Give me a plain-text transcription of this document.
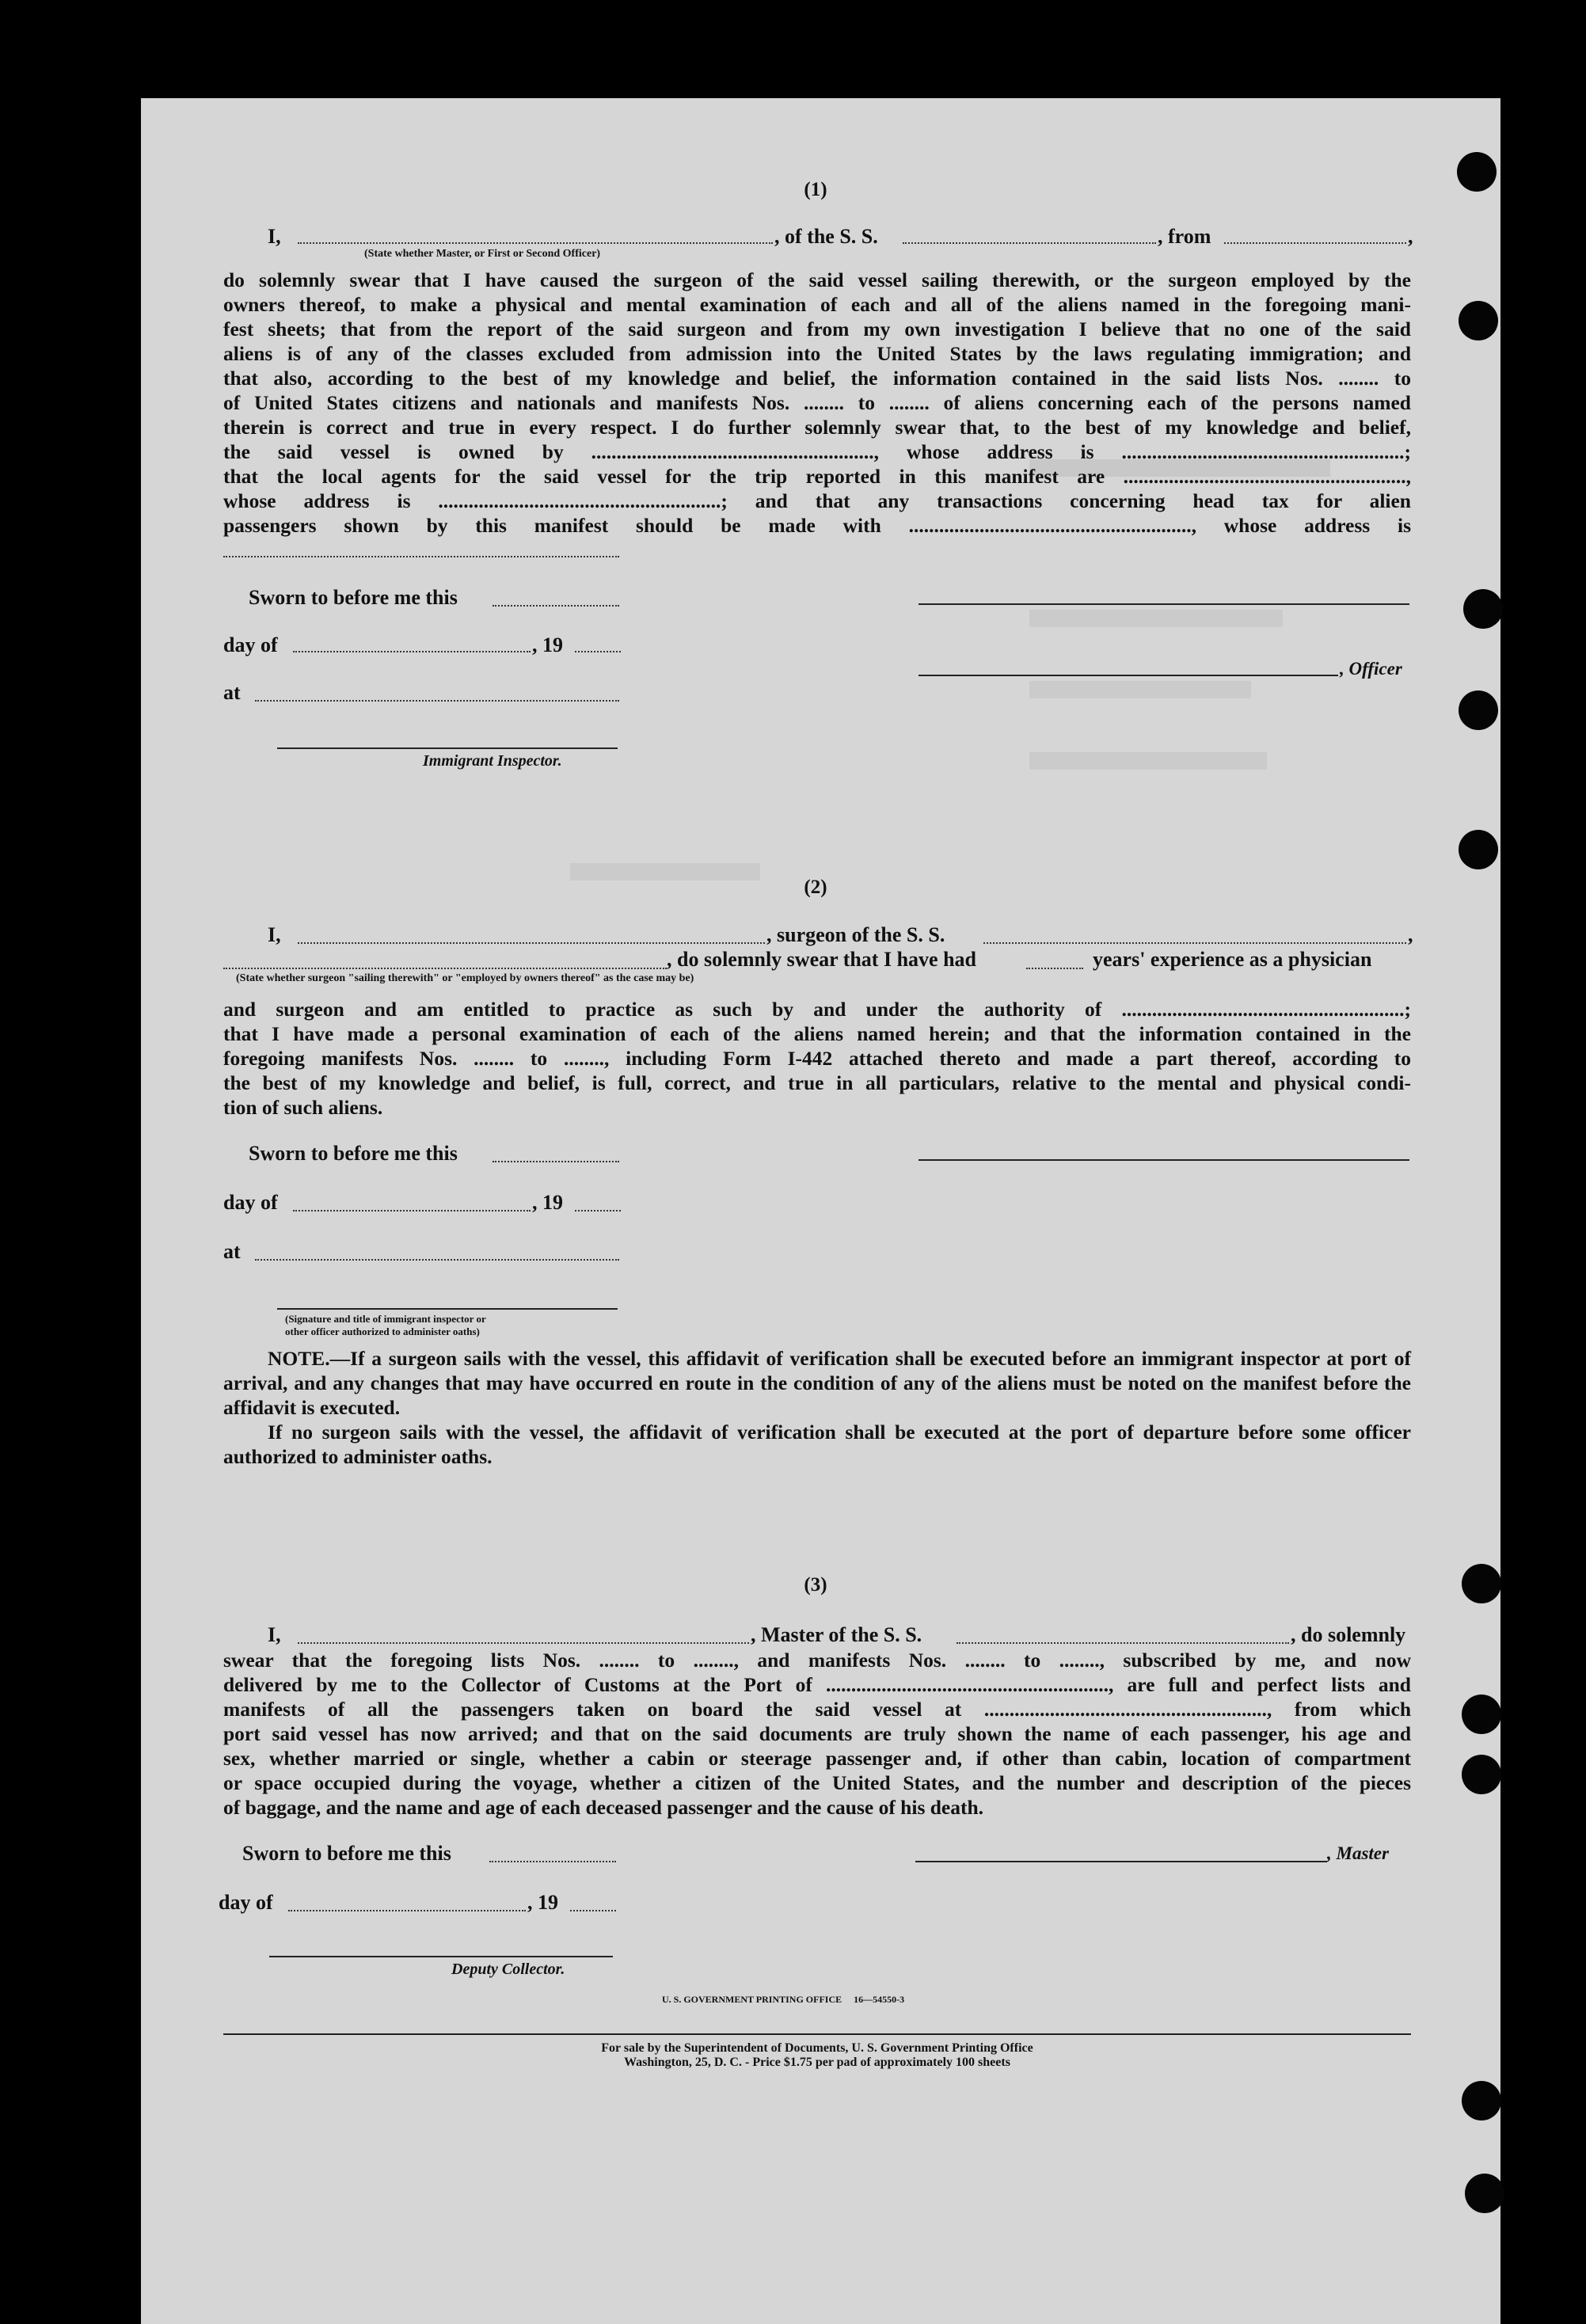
(1)
I,	, of the S. S.	, from	,
(State whether Master, or First or Second Officer)
do solemnly swear that I have caused the surgeon of the said vessel sailing therewith, or the surgeon employed by the
owners thereof, to make a physical and mental examination of each and all of the aliens named in the foregoing mani-
fest sheets; that from the report of the said surgeon and from my own investigation I believe that no one of the said
aliens is of any of the classes excluded from admission into the United States by the laws regulating immigration; and
that also, according to the best of my knowledge and belief, the information contained in the said lists Nos. ........ to
of United States citizens and nationals and manifests Nos. ........ to ........ of aliens concerning each of the persons named
therein is correct and true in every respect. I do further solemnly swear that, to the best of my knowledge and belief,
the said vessel is owned by ........................................................, whose address is ........................................................;
that the local agents for the said vessel for the trip reported in this manifest are ........................................................,
whose address is ........................................................; and that any transactions concerning head tax for alien
passengers shown by this manifest should be made with ........................................................, whose address is
Sworn to before me this
day of	, 19
, Officer
at
Immigrant Inspector.
(2)
I,	, surgeon of the S. S.	,
, do solemnly swear that I have had	years' experience as a physician
(State whether surgeon "sailing therewith" or "employed by owners thereof" as the case may be)
and surgeon and am entitled to practice as such by and under the authority of ........................................................;
that I have made a personal examination of each of the aliens named herein; and that the information contained in the
foregoing manifests Nos. ........ to ........, including Form I-442 attached thereto and made a part thereof, according to
the best of my knowledge and belief, is full, correct, and true in all particulars, relative to the mental and physical condi-
tion of such aliens.
Sworn to before me this
day of	, 19
at
(Signature and title of immigrant inspector or
other officer authorized to administer oaths)
NOTE.—If a surgeon sails with the vessel, this affidavit of verification shall be executed before an immigrant inspector at port of arrival, and any changes that may have occurred en route in the condition of any of the aliens must be noted on the manifest before the affidavit is executed.
If no surgeon sails with the vessel, the affidavit of verification shall be executed at the port of departure before some officer authorized to administer oaths.
(3)
I,	, Master of the S. S.	, do solemnly
swear that the foregoing lists Nos. ........ to ........, and manifests Nos. ........ to ........, subscribed by me, and now
delivered by me to the Collector of Customs at the Port of ........................................................, are full and perfect lists and
manifests of all the passengers taken on board the said vessel at ........................................................, from which
port said vessel has now arrived; and that on the said documents are truly shown the name of each passenger, his age and
sex, whether married or single, whether a cabin or steerage passenger and, if other than cabin, location of compartment
or space occupied during the voyage, whether a citizen of the United States, and the number and description of the pieces
of baggage, and the name and age of each deceased passenger and the cause of his death.
Sworn to before me this	, Master
day of	, 19
Deputy Collector.
U. S. GOVERNMENT PRINTING OFFICE     16—54550-3
For sale by the Superintendent of Documents, U. S. Government Printing Office
Washington, 25, D. C. - Price $1.75 per pad of approximately 100 sheets
